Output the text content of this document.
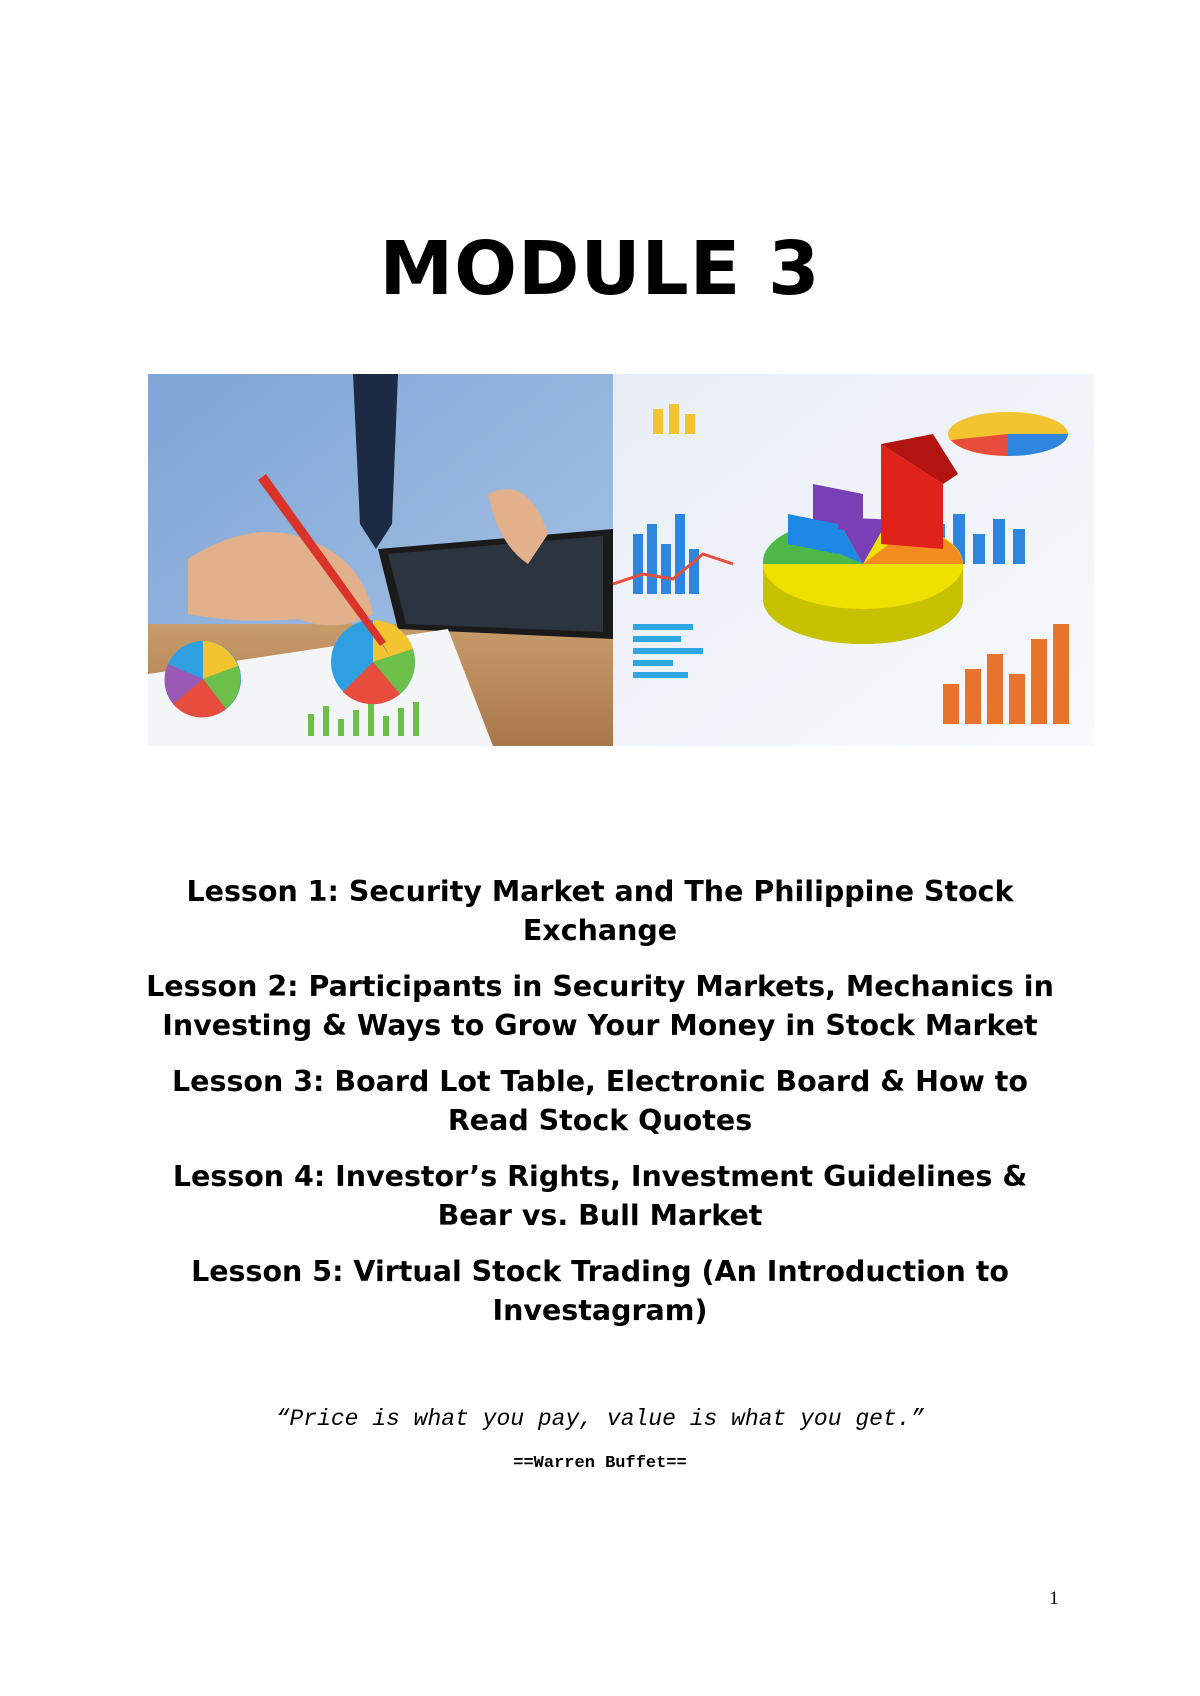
MODULE 3
Lesson 1: Security Market and The Philippine Stock Exchange
Lesson 2: Participants in Security Markets, Mechanics in Investing & Ways to Grow Your Money in Stock Market
Lesson 3: Board Lot Table, Electronic Board & How to Read Stock Quotes
Lesson 4: Investor’s Rights, Investment Guidelines & Bear vs. Bull Market
Lesson 5: Virtual Stock Trading (An Introduction to Investagram)
“Price is what you pay, value is what you get.”
==Warren Buffet==
1
